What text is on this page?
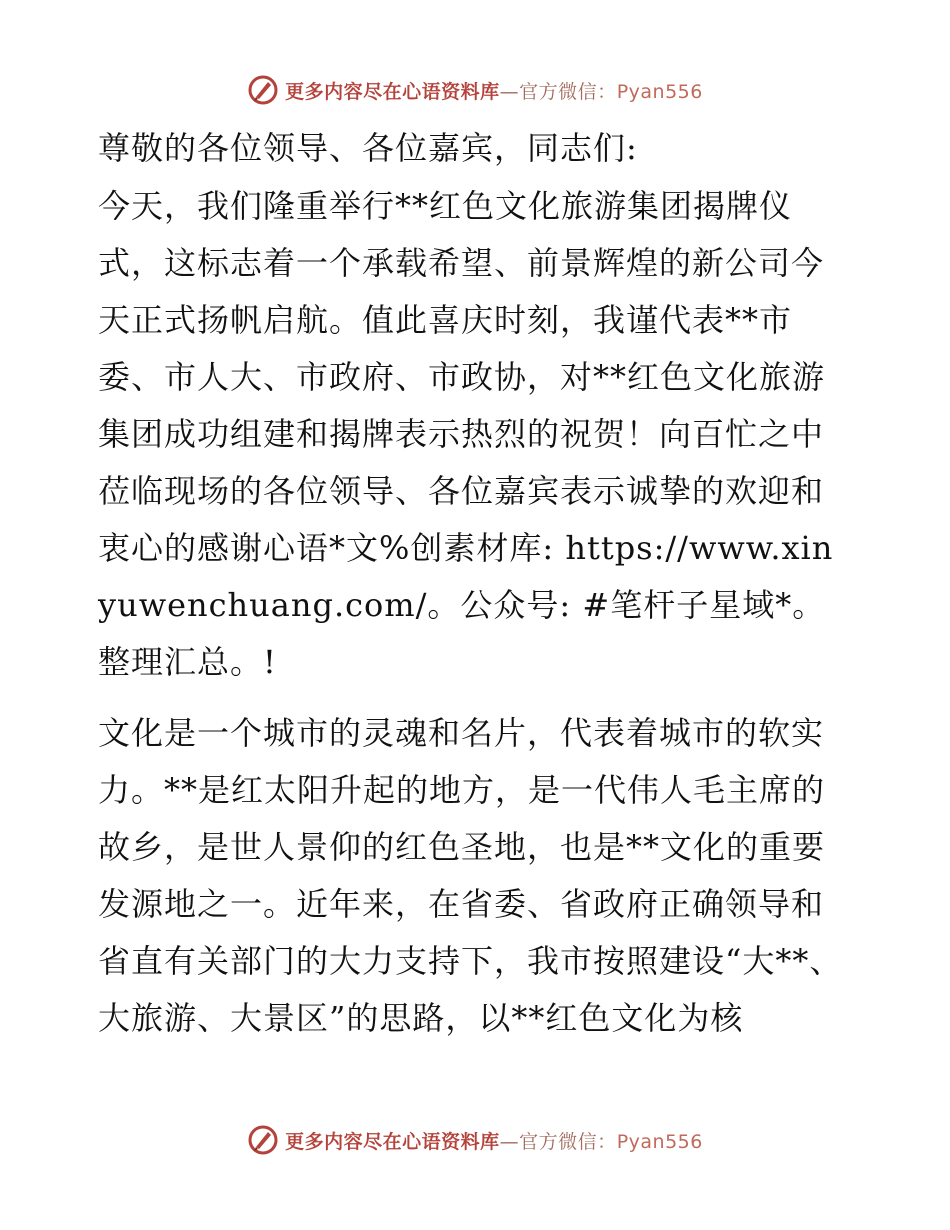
更多内容尽在心语资料库—官方微信：Pyan556

尊敬的各位领导、各位嘉宾，同志们:

今天，我们隆重举行**红色文化旅游集团揭牌仪式，这标志着一个承载希望、前景辉煌的新公司今天正式扬帆启航。值此喜庆时刻，我谨代表**市委、市人大、市政府、市政协，对**红色文化旅游集团成功组建和揭牌表示热烈的祝贺！向百忙之中莅临现场的各位领导、各位嘉宾表示诚挚的欢迎和衷心的感谢心语*文%创素材库: https://www.xinyuwenchuang.com/。公众号: #笔杆子星域*。整理汇总。!

文化是一个城市的灵魂和名片，代表着城市的软实力。**是红太阳升起的地方，是一代伟人毛主席的故乡，是世人景仰的红色圣地，也是**文化的重要发源地之一。近年来，在省委、省政府正确领导和省直有关部门的大力支持下，我市按照建设“大**、大旅游、大景区”的思路，以**红色文化为核

更多内容尽在心语资料库—官方微信：Pyan556
